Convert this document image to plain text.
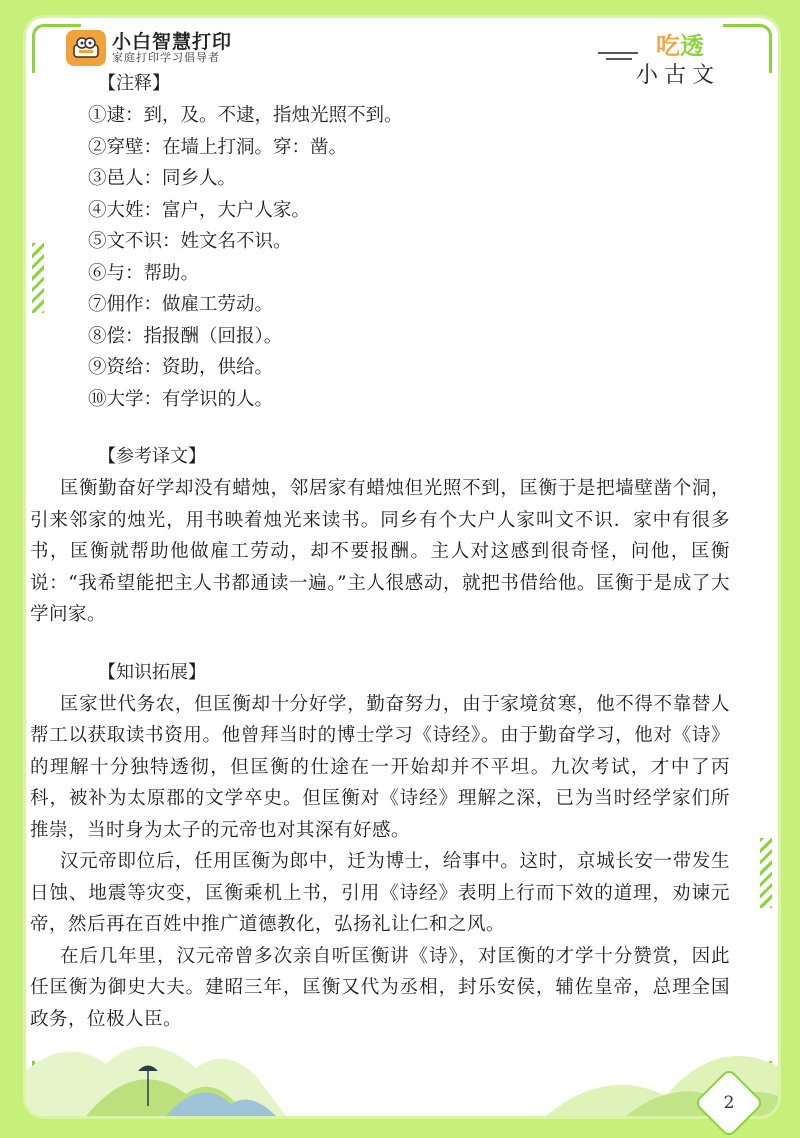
小白智慧打印
家庭打印学习倡导者	吃透
小古文
【注释】
①逮：到，及。不逮，指烛光照不到。
②穿壁：在墙上打洞。穿：凿。
③邑人：同乡人。
④大姓：富户，大户人家。
⑤文不识：姓文名不识。
⑥与：帮助。
⑦佣作：做雇工劳动。
⑧偿：指报酬（回报）。
⑨资给：资助，供给。
⑩大学：有学识的人。
【参考译文】

匡衡勤奋好学却没有蜡烛，邻居家有蜡烛但光照不到，匡衡于是把墙壁凿个洞，引来邻家的烛光，用书映着烛光来读书。同乡有个大户人家叫文不识．家中有很多书，匡衡就帮助他做雇工劳动，却不要报酬。主人对这感到很奇怪，问他，匡衡说：“我希望能把主人书都通读一遍。”主人很感动，就把书借给他。匡衡于是成了大学问家。

【知识拓展】

匡家世代务农，但匡衡却十分好学，勤奋努力，由于家境贫寒，他不得不靠替人帮工以获取读书资用。他曾拜当时的博士学习《诗经》。由于勤奋学习，他对《诗》的理解十分独特透彻，但匡衡的仕途在一开始却并不平坦。九次考试，才中了丙科，被补为太原郡的文学卒史。但匡衡对《诗经》理解之深，已为当时经学家们所推崇，当时身为太子的元帝也对其深有好感。

汉元帝即位后，任用匡衡为郎中，迁为博士，给事中。这时，京城长安一带发生日蚀、地震等灾变，匡衡乘机上书，引用《诗经》表明上行而下效的道理，劝谏元帝，然后再在百姓中推广道德教化，弘扬礼让仁和之风。

在后几年里，汉元帝曾多次亲自听匡衡讲《诗》，对匡衡的才学十分赞赏，因此任匡衡为御史大夫。建昭三年，匡衡又代为丞相，封乐安侯，辅佐皇帝，总理全国政务，位极人臣。

2
